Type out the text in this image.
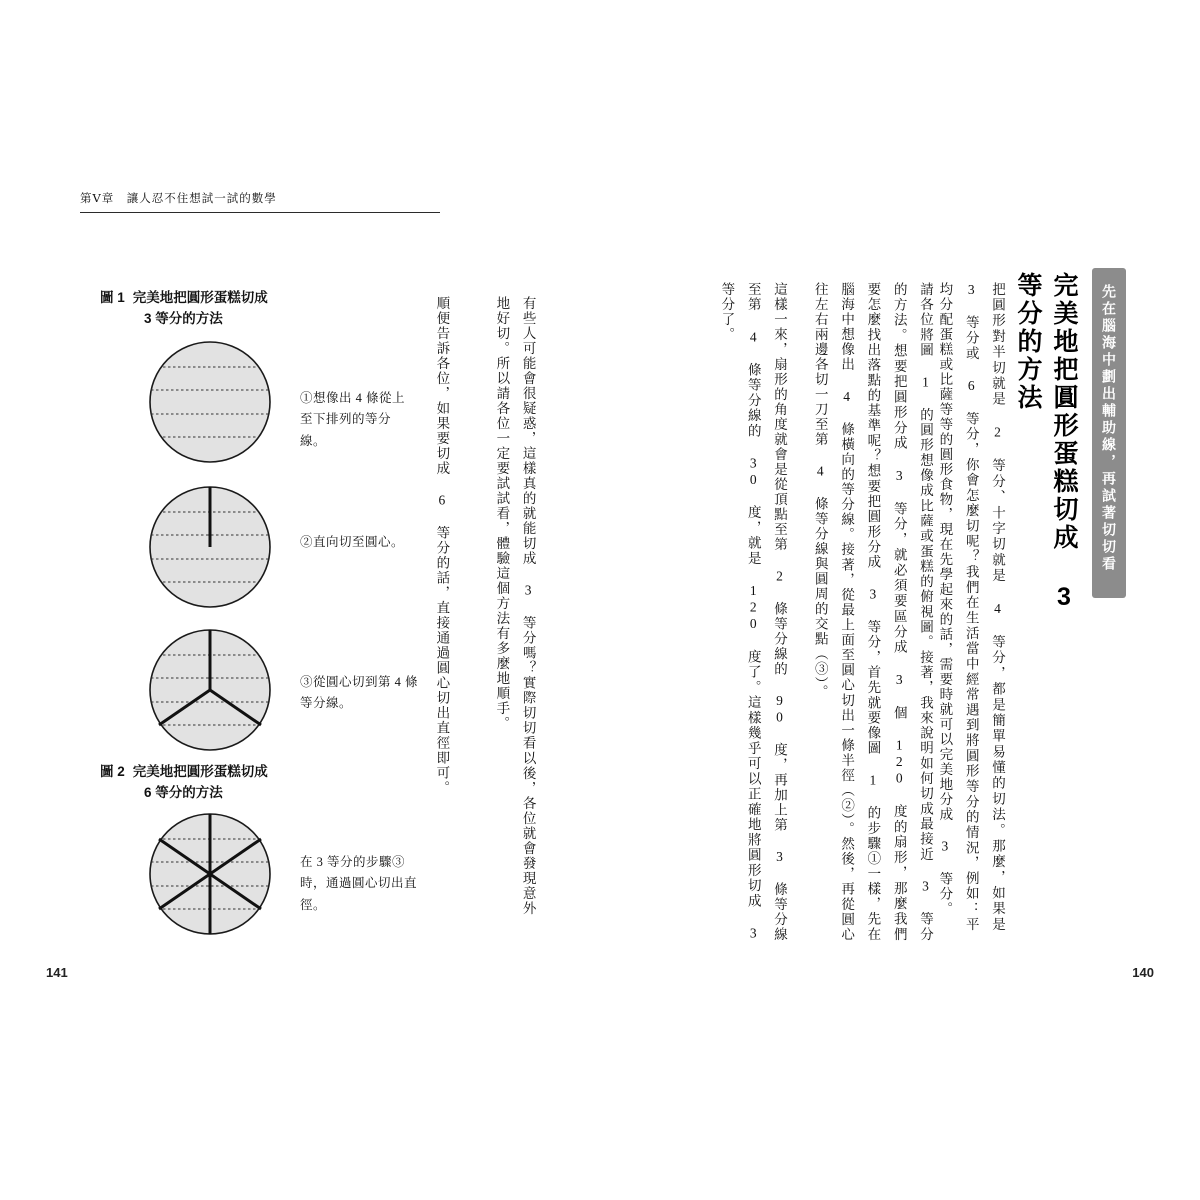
第Ⅴ章　讓人忍不住想試一試的數學
141	140
先在腦海中劃出輔助線，再試著切切看
完美地把圓形蛋糕切成 3 等分的方法
把圓形對半切就是 2 等分、十字切就是 4 等分，都是簡單易懂的切法。那麼，如果是 3 等分或 6 等分，你會怎麼切呢？我們在生活當中經常遇到將圓形等分的情況，例如：平均分配蛋糕或比薩等等的圓形食物，現在先學起來的話，需要時就可以完美地分成 3 等分。
請各位將圖 1 的圓形想像成比薩或蛋糕的俯視圖。接著，我來說明如何切成最接近 3 等分的方法。想要把圓形分成 3 等分，就必須要區分成 3 個 120 度的扇形，那麼我們要怎麼找出落點的基準呢？想要把圓形分成 3 等分，首先就要像圖 1 的步驟①一樣，先在腦海中想像出 4 條橫向的等分線。接著，從最上面至圓心切出一條半徑（②）。然後，再從圓心往左右兩邊各切一刀至第 4 條等分線與圓周的交點（③）。
這樣一來，扇形的角度就會是從頂點至第 2 條等分線的 90 度，再加上第 3 條等分線至第 4 條等分線的 30 度，就是 120 度了。這樣幾乎可以正確地將圓形切成 3 等分了。
有些人可能會很疑惑，這樣真的就能切成 3 等分嗎？實際切切看以後，各位就會發現意外地好切。所以請各位一定要試試看，體驗這個方法有多麼地順手。
順便告訴各位，如果要切成 6 等分的話，直接通過圓心切出直徑即可。
圖 1 完美地把圓形蛋糕切成
3 等分的方法
①想像出 4 條從上至下排列的等分線。
②直向切至圓心。
③從圓心切到第 4 條等分線。
圖 2 完美地把圓形蛋糕切成
6 等分的方法
在 3 等分的步驟③時，通過圓心切出直徑。
